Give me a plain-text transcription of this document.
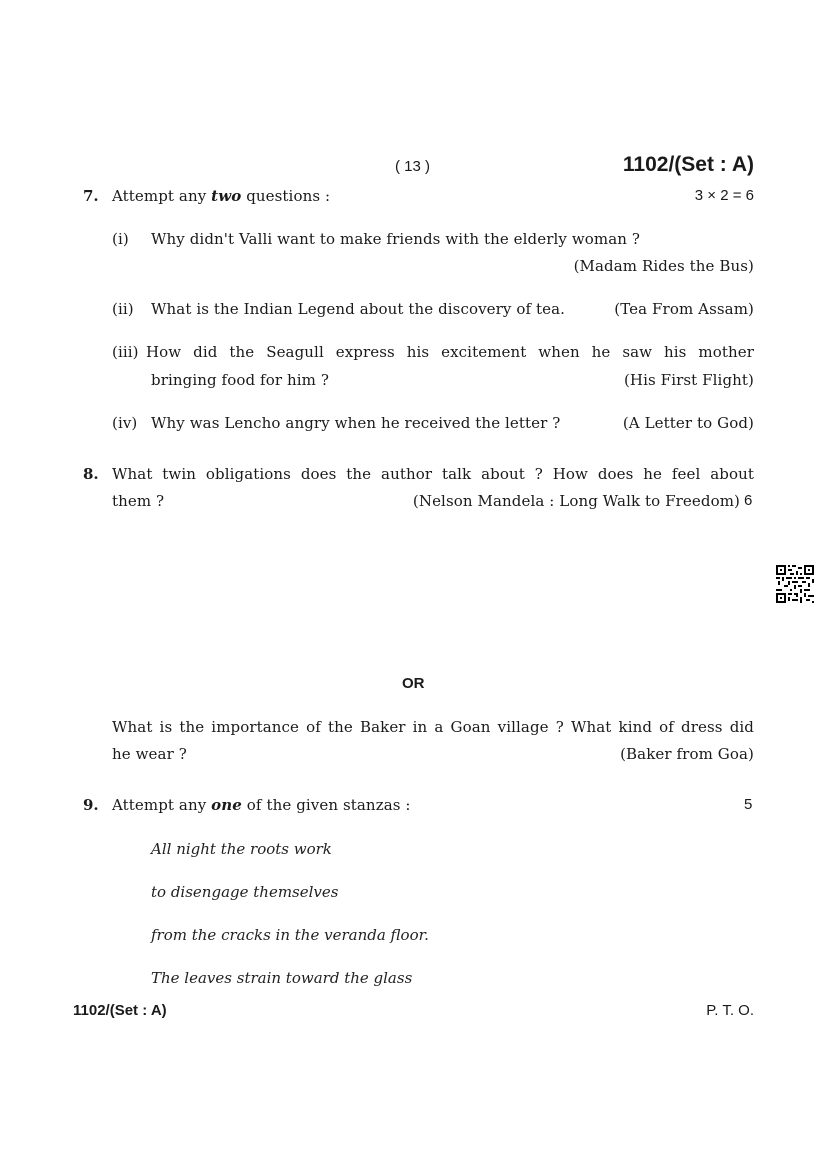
( 13 )	1102/(Set : A)
7. Attempt any two questions :	3 × 2 = 6
(i) Why didn't Valli want to make friends with the elderly woman ?
(Madam Rides the Bus)
(ii) What is the Indian Legend about the discovery of tea.	(Tea From Assam)
(iii) How did the Seagull express his excitement when he saw his mother
bringing food for him ?	(His First Flight)
(iv) Why was Lencho angry when he received the letter ?	(A Letter to God)
8. What twin obligations does the author talk about ? How does he feel about
them ?	(Nelson Mandela : Long Walk to Freedom) 6
OR
What is the importance of the Baker in a Goan village ? What kind of dress did
he wear ?	(Baker from Goa)
9. Attempt any one of the given stanzas :	5
All night the roots work
to disengage themselves
from the cracks in the veranda floor.
The leaves strain toward the glass
1102/(Set : A)	P. T. O.
